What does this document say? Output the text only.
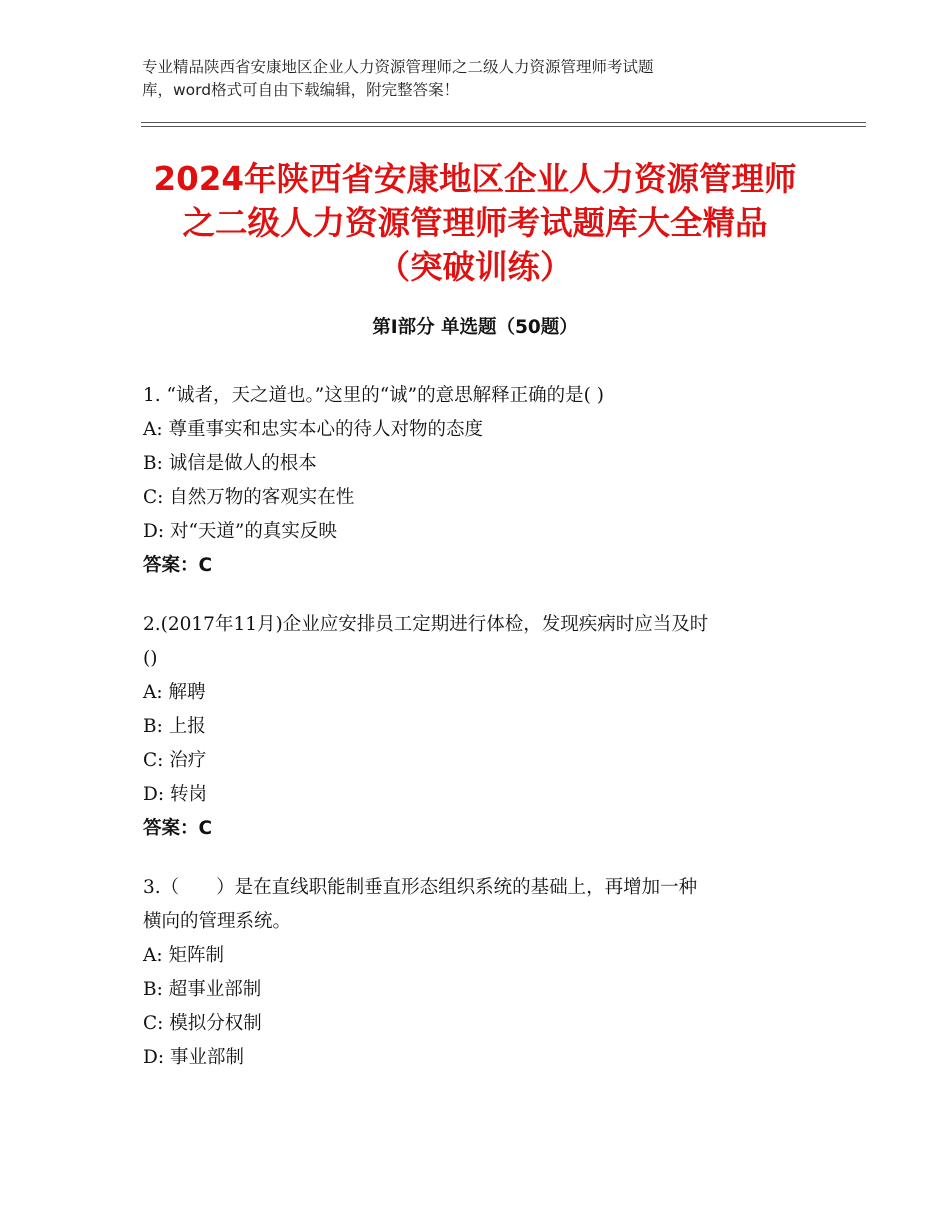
专业精品陕西省安康地区企业人力资源管理师之二级人力资源管理师考试题
库，word格式可自由下载编辑，附完整答案！
2024年陕西省安康地区企业人力资源管理师
之二级人力资源管理师考试题库大全精品
（突破训练）
第Ⅰ部分 单选题（50题）
1. “诚者，天之道也。”这里的“诚”的意思解释正确的是( )
A: 尊重事实和忠实本心的待人对物的态度
B: 诚信是做人的根本
C: 自然万物的客观实在性
D: 对“天道”的真实反映
答案：C
2.(2017年11月)企业应安排员工定期进行体检，发现疾病时应当及时
()
A: 解聘
B: 上报
C: 治疗
D: 转岗
答案：C
3.（　　）是在直线职能制垂直形态组织系统的基础上，再增加一种
横向的管理系统。
A: 矩阵制
B: 超事业部制
C: 模拟分权制
D: 事业部制
